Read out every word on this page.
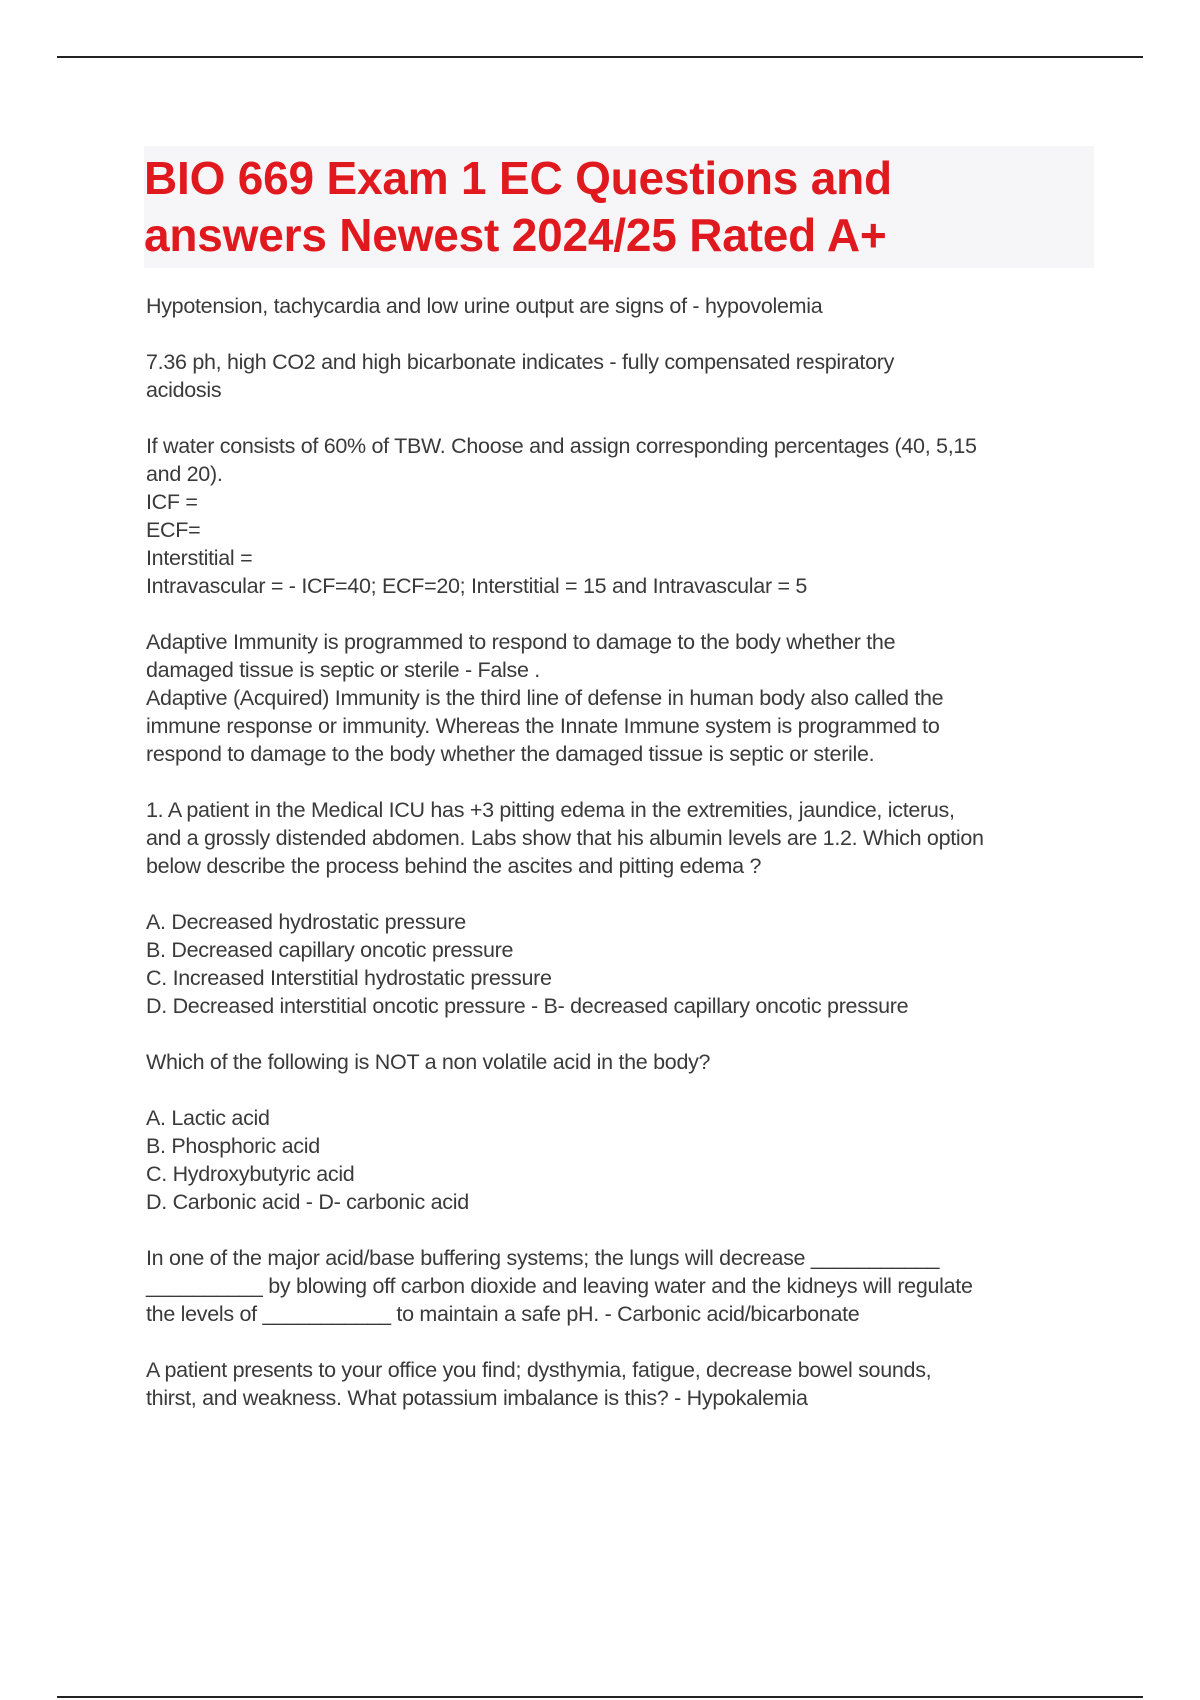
BIO 669 Exam 1 EC Questions and
answers Newest 2024/25 Rated A+

Hypotension, tachycardia and low urine output are signs of - hypovolemia

7.36 ph, high CO2 and high bicarbonate indicates - fully compensated respiratory
acidosis

If water consists of 60% of TBW. Choose and assign corresponding percentages (40, 5,15
and 20).
ICF =
ECF=
Interstitial =
Intravascular = - ICF=40; ECF=20; Interstitial = 15 and Intravascular = 5

Adaptive Immunity is programmed to respond to damage to the body whether the
damaged tissue is septic or sterile - False .
Adaptive (Acquired) Immunity is the third line of defense in human body also called the
immune response or immunity. Whereas the Innate Immune system is programmed to
respond to damage to the body whether the damaged tissue is septic or sterile.

1. A patient in the Medical ICU has +3 pitting edema in the extremities, jaundice, icterus,
and a grossly distended abdomen. Labs show that his albumin levels are 1.2. Which option
below describe the process behind the ascites and pitting edema ?

A. Decreased hydrostatic pressure
B. Decreased capillary oncotic pressure
C. Increased Interstitial hydrostatic pressure
D. Decreased interstitial oncotic pressure - B- decreased capillary oncotic pressure

Which of the following is NOT a non volatile acid in the body?

A. Lactic acid
B. Phosphoric acid
C. Hydroxybutyric acid
D. Carbonic acid - D- carbonic acid

In one of the major acid/base buffering systems; the lungs will decrease ___________
__________ by blowing off carbon dioxide and leaving water and the kidneys will regulate
the levels of ___________ to maintain a safe pH. - Carbonic acid/bicarbonate

A patient presents to your office you find; dysthymia, fatigue, decrease bowel sounds,
thirst, and weakness. What potassium imbalance is this? - Hypokalemia
